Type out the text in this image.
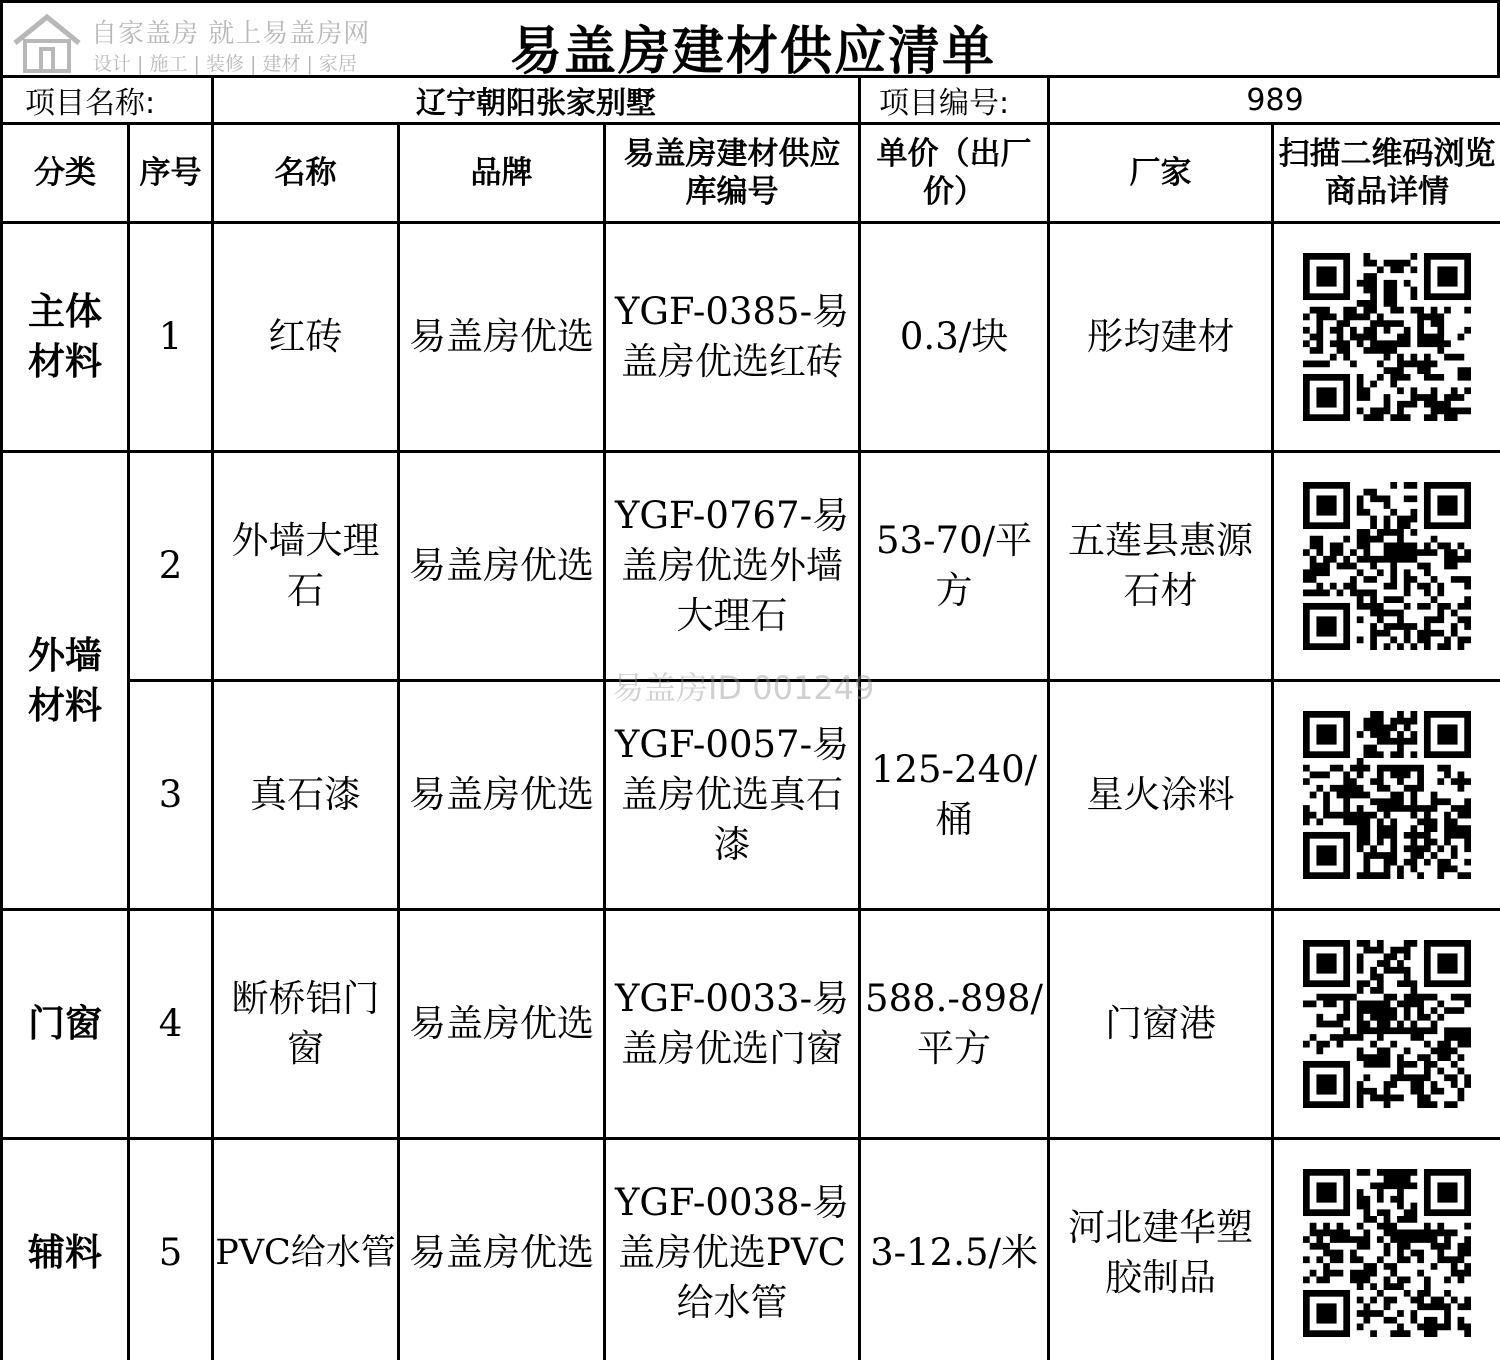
自家盖房 就上易盖房网
设计 | 施工 | 装修 | 建材 | 家居	易盖房建材供应清单
项目名称:		辽宁朝阳张家别墅			项目编号:	989	
分类	序号	名称	品牌	易盖房建材供应库编号	单价（出厂价）	厂家	扫描二维码浏览商品详情
主体材料	1	红砖	易盖房优选	YGF-0385-易盖房优选红砖	0.3/块	彤均建材	

外墙材料	2	外墙大理石	易盖房优选	YGF-0767-易盖房优选外墙大理石	53-70/平方	五莲县惠源石材	

	3	真石漆	易盖房优选	YGF-0057-易盖房优选真石漆	125-240/桶	星火涂料	

门窗	4	断桥铝门窗	易盖房优选	YGF-0033-易盖房优选门窗	588.-898/平方	门窗港	

辅料	5	PVC给水管	易盖房优选	YGF-0038-易盖房优选PVC给水管	3-12.5/米	河北建华塑胶制品	
易盖房ID 001249
